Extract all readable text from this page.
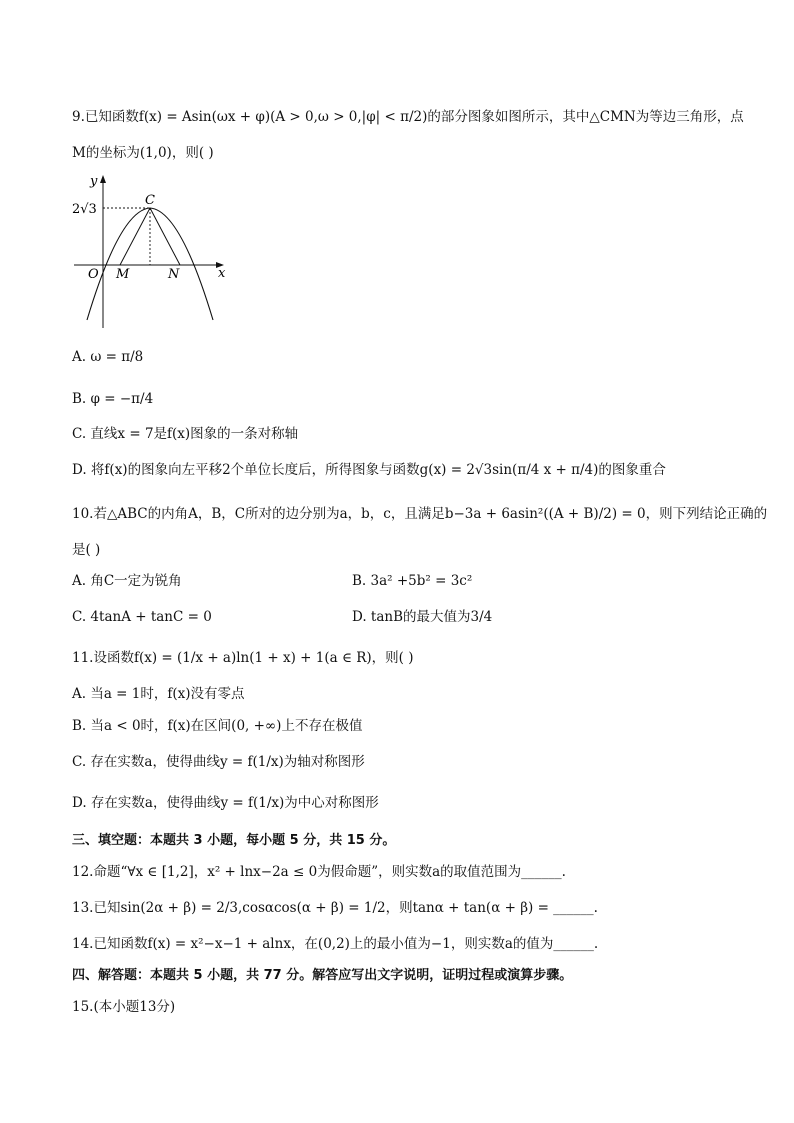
9.已知函数f(x) = Asin(ωx + φ)(A > 0,ω > 0,|φ| < π/2)的部分图象如图所示，其中△CMN为等边三角形，点
M的坐标为(1,0)，则( )
y
x
O
2√3
C
M	N
A. ω = π/8
B. φ = −π/4
C. 直线x = 7是f(x)图象的一条对称轴
D. 将f(x)的图象向左平移2个单位长度后，所得图象与函数g(x) = 2√3sin(π/4 x + π/4)的图象重合
10.若△ABC的内角A，B，C所对的边分别为a，b，c，且满足b−3a + 6asin²((A + B)/2) = 0，则下列结论正确的
是( )
A. 角C一定为锐角	B. 3a² +5b² = 3c²
C. 4tanA + tanC = 0	D. tanB的最大值为3/4
11.设函数f(x) = (1/x + a)ln(1 + x) + 1(a ∈ R)，则( )
A. 当a = 1时，f(x)没有零点
B. 当a < 0时，f(x)在区间(0, +∞)上不存在极值
C. 存在实数a，使得曲线y = f(1/x)为轴对称图形
D. 存在实数a，使得曲线y = f(1/x)为中心对称图形
三、填空题：本题共 3 小题，每小题 5 分，共 15 分。
12.命题“∀x ∈ [1,2]，x² + lnx−2a ≤ 0为假命题”，则实数a的取值范围为______.
13.已知sin(2α + β) = 2/3,cosαcos(α + β) = 1/2，则tanα + tan(α + β) = ______.
14.已知函数f(x) = x²−x−1 + alnx，在(0,2)上的最小值为−1，则实数a的值为______.
四、解答题：本题共 5 小题，共 77 分。解答应写出文字说明，证明过程或演算步骤。
15.(本小题13分)
